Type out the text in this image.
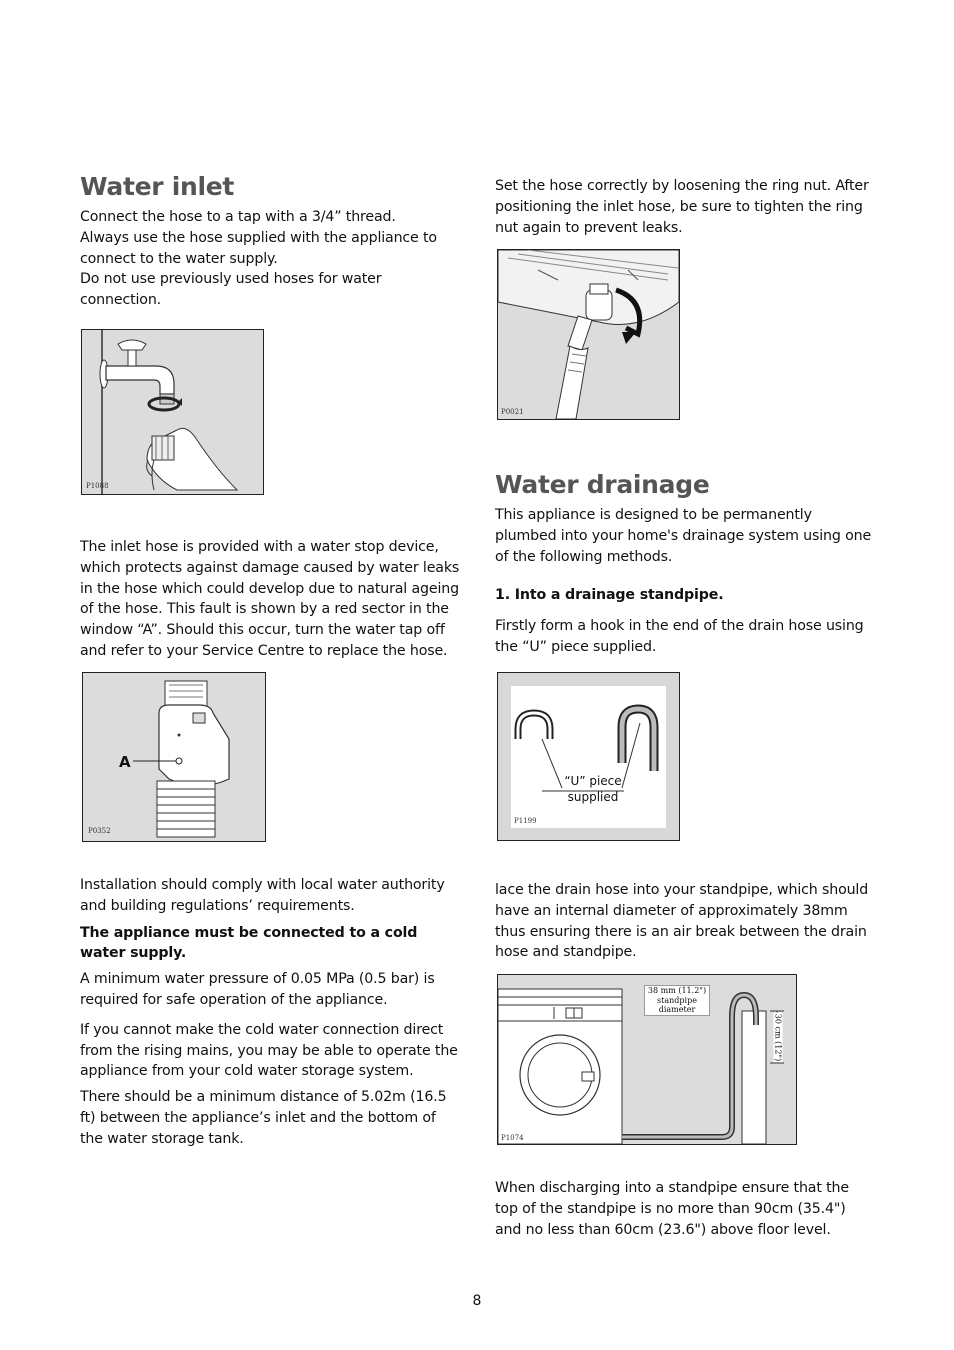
Water inlet

Connect the hose to a tap with a 3/4” thread.

Always use the hose supplied with the appliance to connect to the water supply.

Do not use previously used hoses for water connection.

P1088

The inlet hose is provided with a water stop device, which protects against damage caused by water leaks in the hose which could develop due to natural ageing of the hose. This fault is shown by a red sector in the window “A”. Should this occur, turn the water tap off and refer to your Service Centre to replace the hose.

A
P0352

Installation should comply with local water authority and building regulations’ requirements.

The appliance must be connected to a cold water supply.

A minimum water pressure of 0.05 MPa (0.5 bar) is required for safe operation of the appliance.

If you cannot make the cold water connection direct from the rising mains, you may be able to operate the appliance from your cold water storage system.

There should be a minimum distance of 5.02m (16.5 ft) between the appliance’s inlet and the bottom of the water storage tank.

Set the hose correctly by loosening the ring nut. After positioning the inlet hose, be sure to tighten the ring nut again to prevent leaks.

P0021
Water drainage

This appliance is designed to be permanently plumbed into your home's drainage system using one of the following methods.

1. Into a drainage standpipe.

Firstly form a hook in the end of the drain hose using the “U” piece supplied.

“U” piece
supplied
P1199

lace the drain hose into your standpipe, which should have an internal diameter of approximately 38mm thus ensuring there is an air break between the drain hose and standpipe.

38 mm (11.2")
standpipe
diameter
30 cm (12")
P1074

When discharging into a standpipe ensure that the top of the standpipe is no more than 90cm (35.4") and no less than 60cm (23.6") above floor level.

8
